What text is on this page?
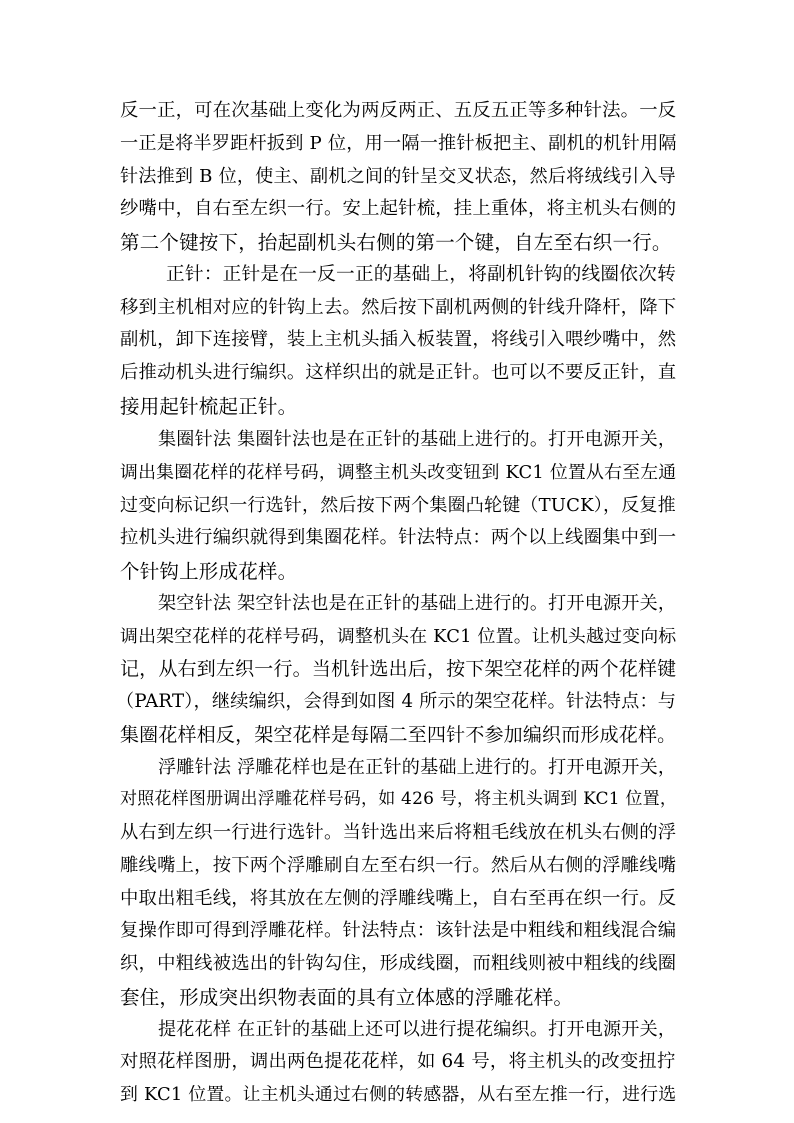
反一正，可在次基础上变化为两反两正、五反五正等多种针法。一反
一正是将半罗距杆扳到 P 位，用一隔一推针板把主、副机的机针用隔
针法推到 B 位，使主、副机之间的针呈交叉状态，然后将绒线引入导
纱嘴中，自右至左织一行。安上起针梳，挂上重体，将主机头右侧的
第二个键按下，抬起副机头右侧的第一个键，自左至右织一行。
正针：正针是在一反一正的基础上，将副机针钩的线圈依次转
移到主机相对应的针钩上去。然后按下副机两侧的针线升降杆，降下
副机，卸下连接臂，装上主机头插入板装置，将线引入喂纱嘴中，然
后推动机头进行编织。这样织出的就是正针。也可以不要反正针，直
接用起针梳起正针。
集圈针法 集圈针法也是在正针的基础上进行的。打开电源开关，
调出集圈花样的花样号码，调整主机头改变钮到 KC1 位置从右至左通
过变向标记织一行选针，然后按下两个集圈凸轮键（TUCK），反复推
拉机头进行编织就得到集圈花样。针法特点：两个以上线圈集中到一
个针钩上形成花样。
架空针法 架空针法也是在正针的基础上进行的。打开电源开关，
调出架空花样的花样号码，调整机头在 KC1 位置。让机头越过变向标
记，从右到左织一行。当机针选出后，按下架空花样的两个花样键
（PART），继续编织，会得到如图 4 所示的架空花样。针法特点：与
集圈花样相反，架空花样是每隔二至四针不参加编织而形成花样。
浮雕针法 浮雕花样也是在正针的基础上进行的。打开电源开关，
对照花样图册调出浮雕花样号码，如 426 号，将主机头调到 KC1 位置，
从右到左织一行进行选针。当针选出来后将粗毛线放在机头右侧的浮
雕线嘴上，按下两个浮雕刷自左至右织一行。然后从右侧的浮雕线嘴
中取出粗毛线，将其放在左侧的浮雕线嘴上，自右至再在织一行。反
复操作即可得到浮雕花样。针法特点：该针法是中粗线和粗线混合编
织，中粗线被选出的针钩勾住，形成线圈，而粗线则被中粗线的线圈
套住，形成突出织物表面的具有立体感的浮雕花样。
提花花样 在正针的基础上还可以进行提花编织。打开电源开关，
对照花样图册，调出两色提花花样，如 64 号，将主机头的改变扭拧
到 KC1 位置。让主机头通过右侧的转感器，从右至左推一行，进行选
